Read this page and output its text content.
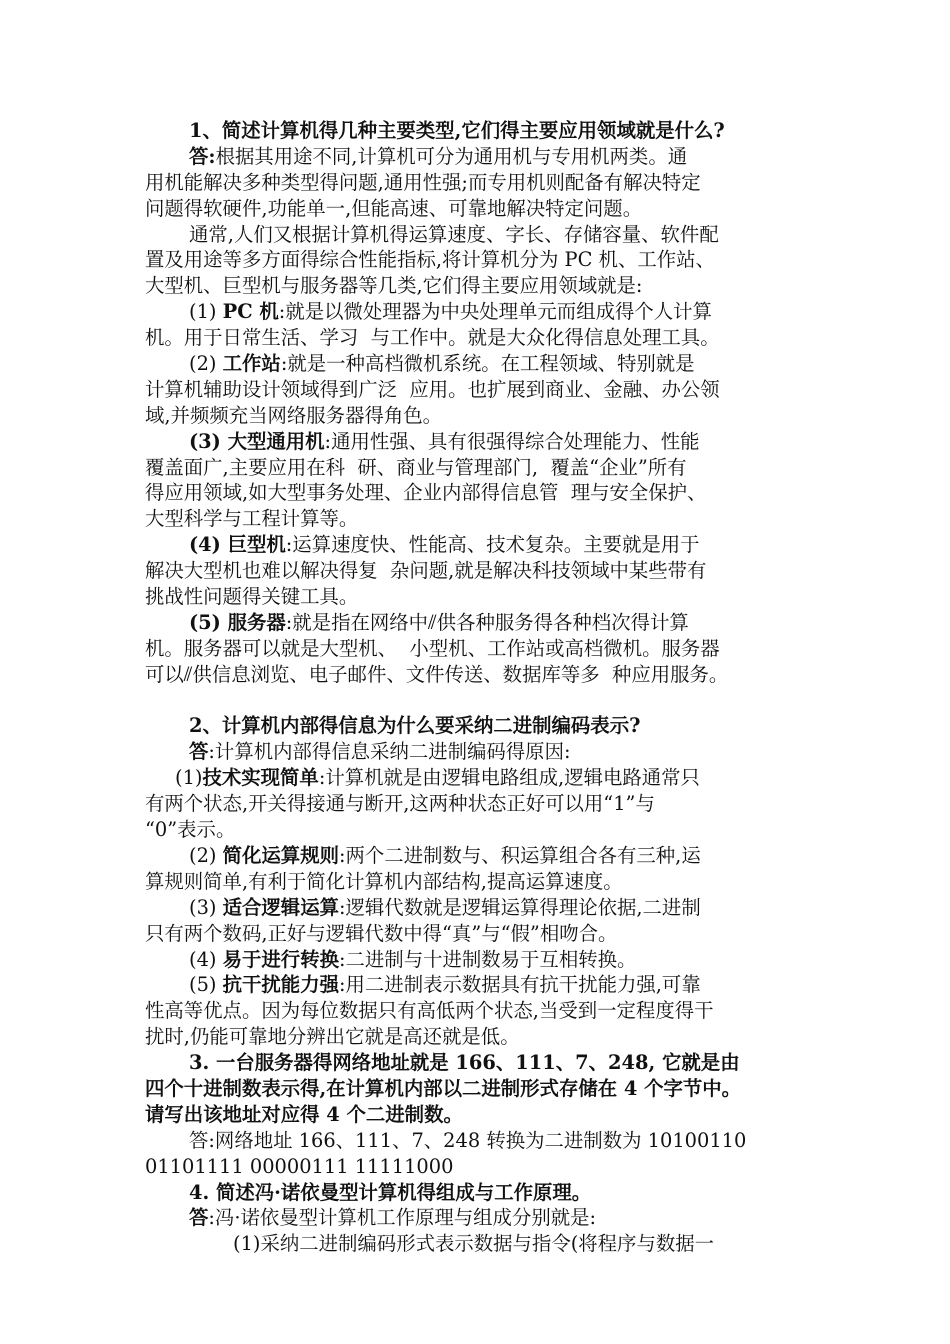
1、简述计算机得几种主要类型,它们得主要应用领域就是什么?
答:根据其用途不同,计算机可分为通用机与专用机两类。通
用机能解决多种类型得问题,通用性强;而专用机则配备有解决特定
问题得软硬件,功能单一,但能高速、可靠地解决特定问题。
通常,人们又根据计算机得运算速度、字长、存储容量、软件配
置及用途等多方面得综合性能指标,将计算机分为 PC 机、工作站、
大型机、巨型机与服务器等几类,它们得主要应用领域就是:
(1) PC 机:就是以微处理器为中央处理单元而组成得个人计算
机。用于日常生活、学习  与工作中。就是大众化得信息处理工具。
(2) 工作站:就是一种高档微机系统。在工程领域、特别就是
计算机辅助设计领域得到广泛  应用。也扩展到商业、金融、办公领
域,并频频充当网络服务器得角色。
(3) 大型通用机:通用性强、具有很强得综合处理能力、性能
覆盖面广,主要应用在科  研、商业与管理部门,  覆盖“企业”所有
得应用领域,如大型事务处理、企业内部得信息管  理与安全保护、
大型科学与工程计算等。
(4) 巨型机:运算速度快、性能高、技术复杂。主要就是用于
解决大型机也难以解决得复  杂问题,就是解决科技领域中某些带有
挑战性问题得关键工具。
(5) 服务器:就是指在网络中⫽供各种服务得各种档次得计算
机。服务器可以就是大型机、  小型机、工作站或高档微机。服务器
可以⫽供信息浏览、电子邮件、文件传送、数据库等多  种应用服务。
2、计算机内部得信息为什么要采纳二进制编码表示?
答:计算机内部得信息采纳二进制编码得原因:
(1)技术实现简单:计算机就是由逻辑电路组成,逻辑电路通常只
有两个状态,开关得接通与断开,这两种状态正好可以用“1”与
“0”表示。
(2) 简化运算规则:两个二进制数与、积运算组合各有三种,运
算规则简单,有利于简化计算机内部结构,提高运算速度。
(3) 适合逻辑运算:逻辑代数就是逻辑运算得理论依据,二进制
只有两个数码,正好与逻辑代数中得“真”与“假”相吻合。
(4) 易于进行转换:二进制与十进制数易于互相转换。
(5) 抗干扰能力强:用二进制表示数据具有抗干扰能力强,可靠
性高等优点。因为每位数据只有高低两个状态,当受到一定程度得干
扰时,仍能可靠地分辨出它就是高还就是低。
3. 一台服务器得网络地址就是 166、111、7、248, 它就是由
四个十进制数表示得,在计算机内部以二进制形式存储在 4 个字节中。
请写出该地址对应得 4 个二进制数。
答:网络地址 166、111、7、248 转换为二进制数为 10100110
01101111 00000111 11111000
4. 简述冯·诺依曼型计算机得组成与工作原理。
答:冯·诺依曼型计算机工作原理与组成分别就是:
(1)采纳二进制编码形式表示数据与指令(将程序与数据一
